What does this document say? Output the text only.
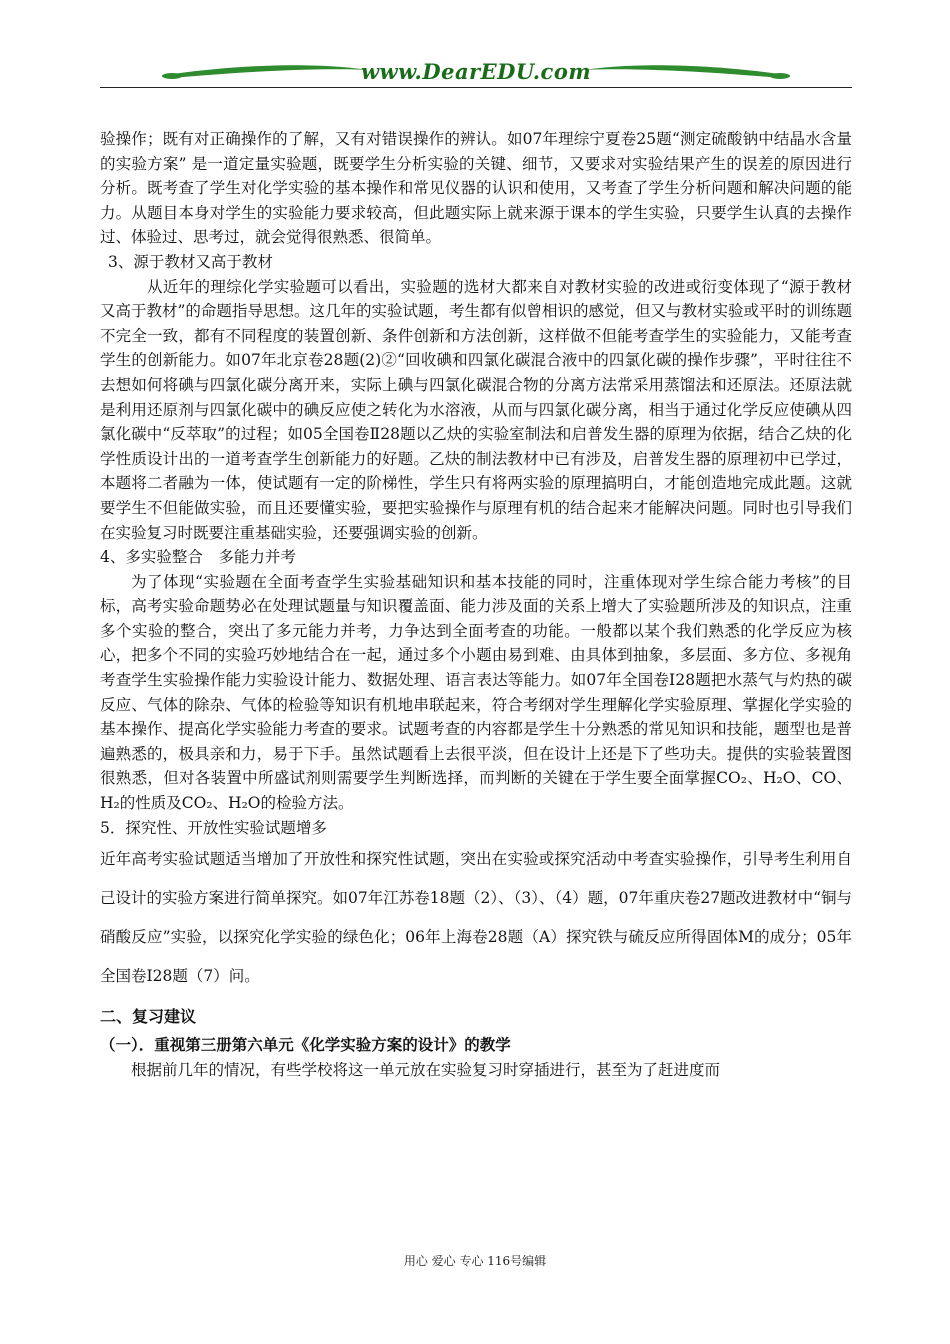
www.DearEDU.com

验操作；既有对正确操作的了解，又有对错误操作的辨认。如07年理综宁夏卷25题“测定硫酸钠中结晶水含量的实验方案” 是一道定量实验题，既要学生分析实验的关键、细节，又要求对实验结果产生的误差的原因进行分析。既考查了学生对化学实验的基本操作和常见仪器的认识和使用，又考查了学生分析问题和解决问题的能力。从题目本身对学生的实验能力要求较高，但此题实际上就来源于课本的学生实验，只要学生认真的去操作过、体验过、思考过，就会觉得很熟悉、很简单。

3、源于教材又高于教材

从近年的理综化学实验题可以看出，实验题的选材大都来自对教材实验的改进或衍变体现了“源于教材又高于教材”的命题指导思想。这几年的实验试题，考生都有似曾相识的感觉，但又与教材实验或平时的训练题不完全一致，都有不同程度的装置创新、条件创新和方法创新，这样做不但能考查学生的实验能力，又能考查学生的创新能力。如07年北京卷28题(2)②“回收碘和四氯化碳混合液中的四氯化碳的操作步骤”，平时往往不去想如何将碘与四氯化碳分离开来，实际上碘与四氯化碳混合物的分离方法常采用蒸馏法和还原法。还原法就是利用还原剂与四氯化碳中的碘反应使之转化为水溶液，从而与四氯化碳分离，相当于通过化学反应使碘从四氯化碳中“反萃取”的过程；如05全国卷Ⅱ28题以乙炔的实验室制法和启普发生器的原理为依据，结合乙炔的化学性质设计出的一道考查学生创新能力的好题。乙炔的制法教材中已有涉及，启普发生器的原理初中已学过，本题将二者融为一体，使试题有一定的阶梯性，学生只有将两实验的原理搞明白，才能创造地完成此题。这就要学生不但能做实验，而且还要懂实验，要把实验操作与原理有机的结合起来才能解决问题。同时也引导我们在实验复习时既要注重基础实验，还要强调实验的创新。

4、多实验整合　多能力并考

为了体现“实验题在全面考查学生实验基础知识和基本技能的同时，注重体现对学生综合能力考核”的目标，高考实验命题势必在处理试题量与知识覆盖面、能力涉及面的关系上增大了实验题所涉及的知识点，注重多个实验的整合，突出了多元能力并考，力争达到全面考查的功能。一般都以某个我们熟悉的化学反应为核心，把多个不同的实验巧妙地结合在一起，通过多个小题由易到难、由具体到抽象，多层面、多方位、多视角考查学生实验操作能力实验设计能力、数据处理、语言表达等能力。如07年全国卷Ⅰ28题把水蒸气与灼热的碳反应、气体的除杂、气体的检验等知识有机地串联起来，符合考纲对学生理解化学实验原理、掌握化学实验的基本操作、提高化学实验能力考查的要求。试题考查的内容都是学生十分熟悉的常见知识和技能，题型也是普遍熟悉的，极具亲和力，易于下手。虽然试题看上去很平淡，但在设计上还是下了些功夫。提供的实验装置图很熟悉，但对各装置中所盛试剂则需要学生判断选择，而判断的关键在于学生要全面掌握CO₂、H₂O、CO、H₂的性质及CO₂、H₂O的检验方法。

5．探究性、开放性实验试题增多

近年高考实验试题适当增加了开放性和探究性试题，突出在实验或探究活动中考查实验操作，引导考生利用自己设计的实验方案进行简单探究。如07年江苏卷18题（2）、（3）、（4）题，07年重庆卷27题改进教材中“铜与硝酸反应”实验，以探究化学实验的绿色化；06年上海卷28题（A）探究铁与硫反应所得固体M的成分；05年全国卷Ⅰ28题（7）问。

二、复习建议

（一）．重视第三册第六单元《化学实验方案的设计》的教学

根据前几年的情况，有些学校将这一单元放在实验复习时穿插进行，甚至为了赶进度而

用心 爱心 专心 116号编辑
